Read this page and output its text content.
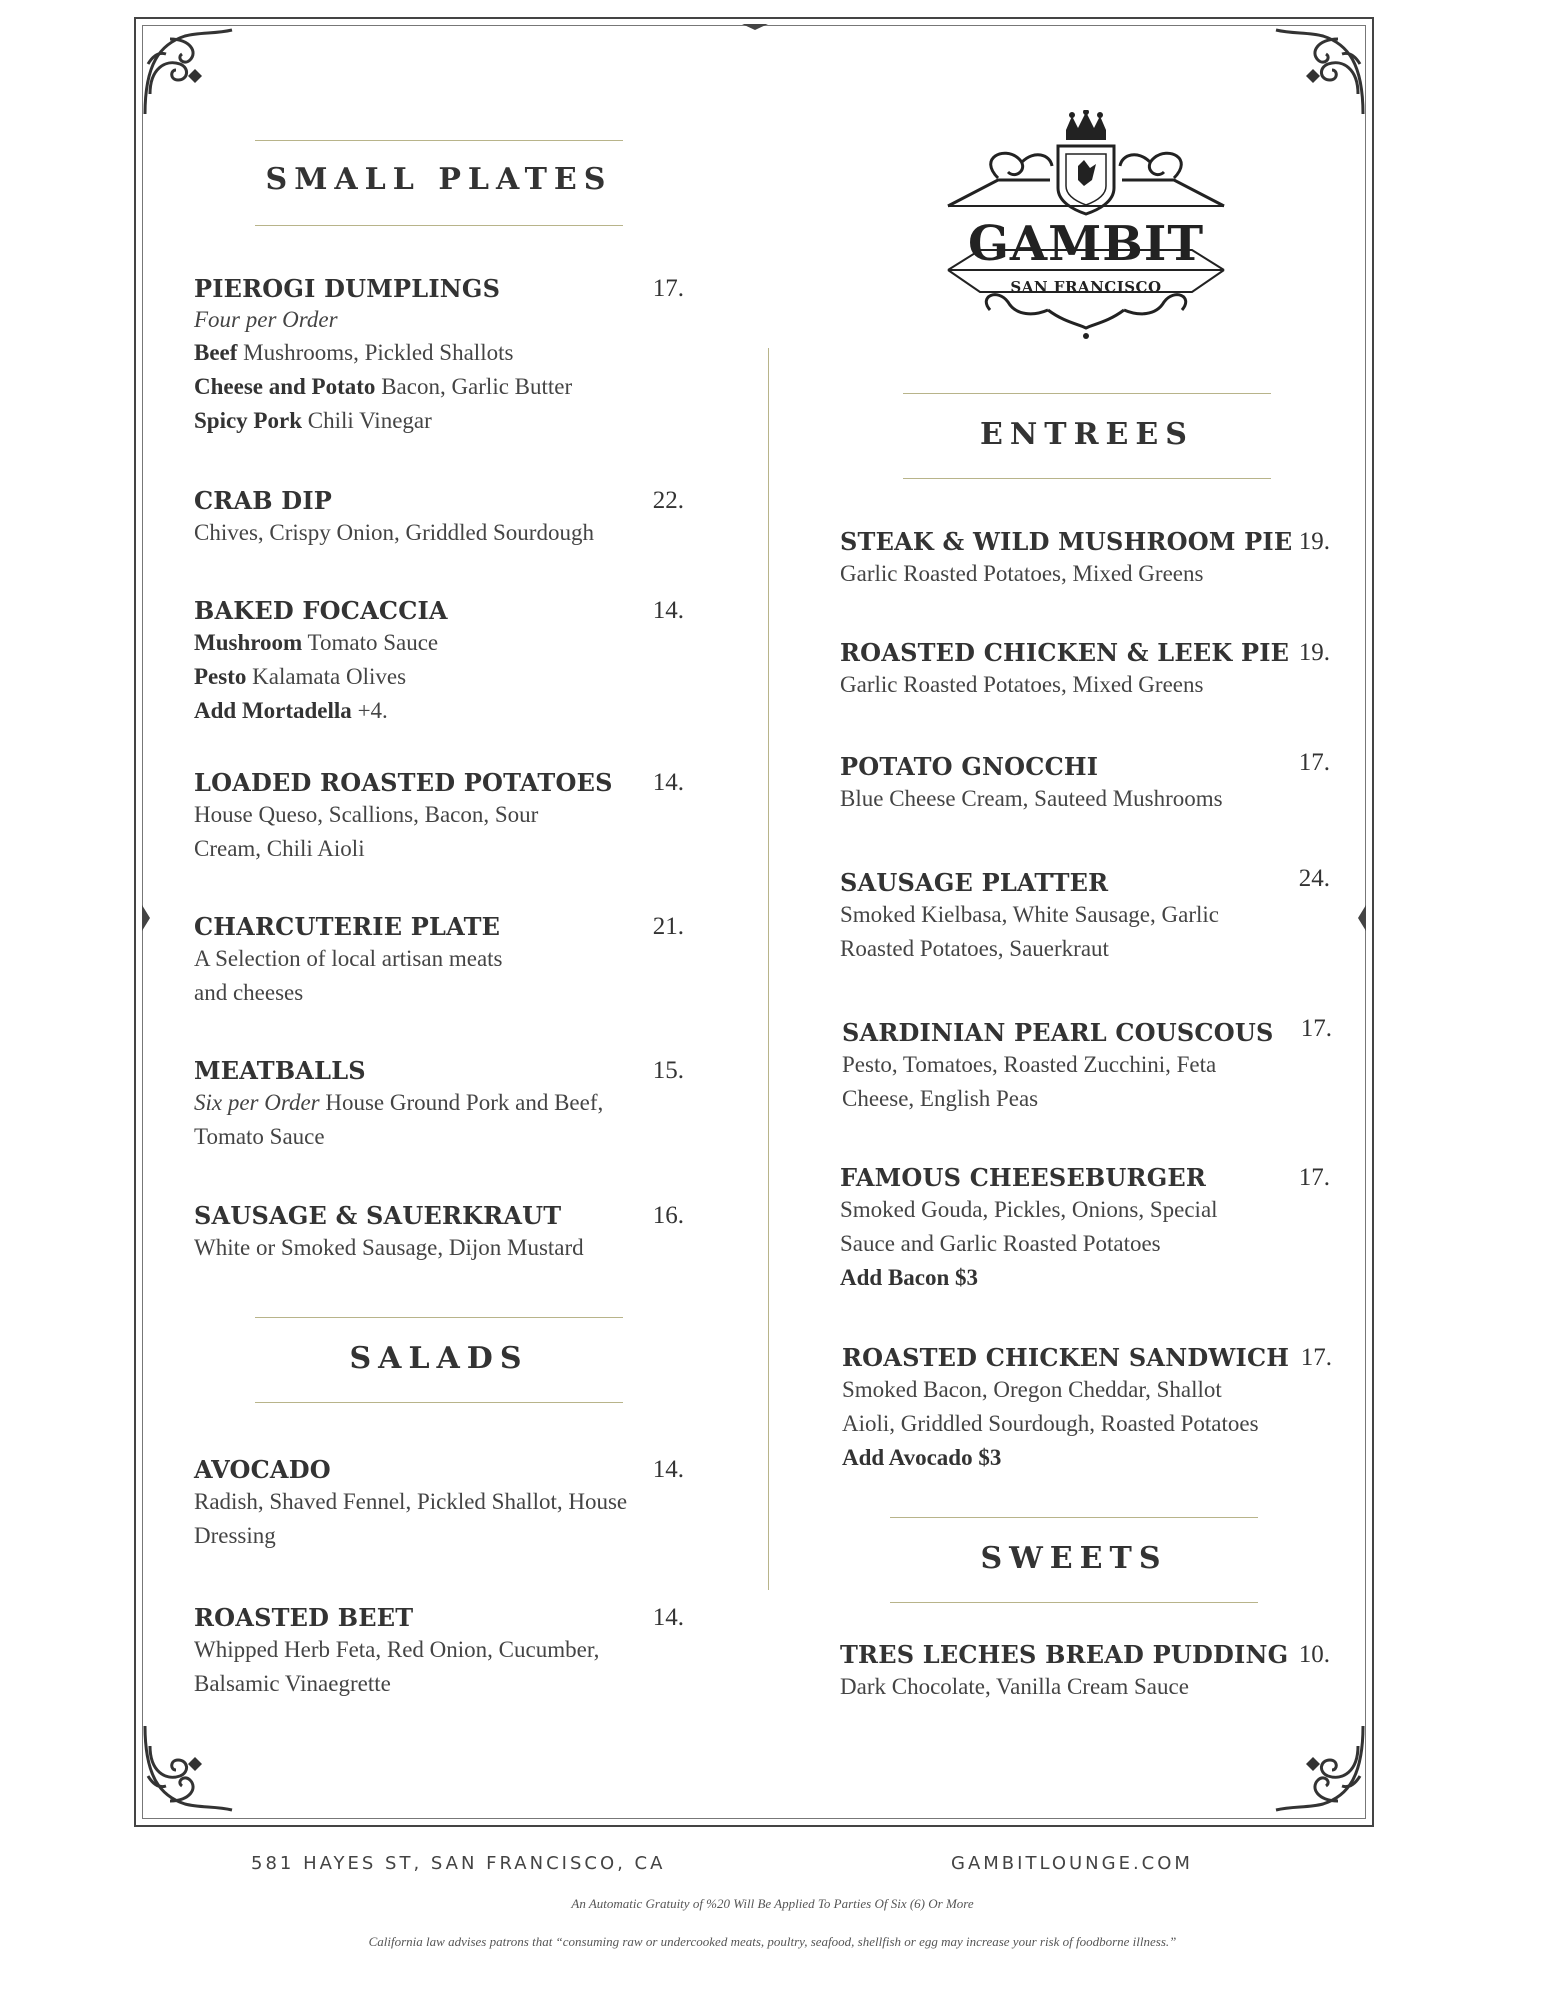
GAMBIT
SAN FRANCISCO
SMALL PLATES
ENTREES
SALADS
SWEETS
PIEROGI DUMPLINGS	17.
Four per Order
Beef Mushrooms, Pickled Shallots
Cheese and Potato Bacon, Garlic Butter
Spicy Pork Chili Vinegar
CRAB DIP	22.
Chives, Crispy Onion, Griddled Sourdough
BAKED FOCACCIA	14.
Mushroom Tomato Sauce
Pesto Kalamata Olives
Add Mortadella +4.
LOADED ROASTED POTATOES	14.
House Queso, Scallions, Bacon, Sour
Cream, Chili Aioli
CHARCUTERIE PLATE	21.
A Selection of local artisan meats
and cheeses
MEATBALLS	15.
Six per Order House Ground Pork and Beef,
Tomato Sauce
SAUSAGE & SAUERKRAUT	16.
White or Smoked Sausage, Dijon Mustard
AVOCADO	14.
Radish, Shaved Fennel, Pickled Shallot, House
Dressing
ROASTED BEET	14.
Whipped Herb Feta, Red Onion, Cucumber,
Balsamic Vinaegrette
STEAK & WILD MUSHROOM PIE 19.
Garlic Roasted Potatoes, Mixed Greens
ROASTED CHICKEN & LEEK PIE 19.
Garlic Roasted Potatoes, Mixed Greens
POTATO GNOCCHI	17.
Blue Cheese Cream, Sauteed Mushrooms
SAUSAGE PLATTER	24.
Smoked Kielbasa, White Sausage, Garlic
Roasted Potatoes, Sauerkraut
SARDINIAN PEARL COUSCOUS	17.
Pesto, Tomatoes, Roasted Zucchini, Feta
Cheese, English Peas
FAMOUS CHEESEBURGER	17.
Smoked Gouda, Pickles, Onions, Special
Sauce and Garlic Roasted Potatoes
Add Bacon $3
ROASTED CHICKEN SANDWICH 17.
Smoked Bacon, Oregon Cheddar, Shallot
Aioli, Griddled Sourdough, Roasted Potatoes
Add Avocado $3
TRES LECHES BREAD PUDDING 10.
Dark Chocolate, Vanilla Cream Sauce
581 HAYES ST, SAN FRANCISCO, CA	GAMBITLOUNGE.COM
An Automatic Gratuity of %20 Will Be Applied To Parties Of Six (6) Or More
California law advises patrons that “consuming raw or undercooked meats, poultry, seafood, shellfish or egg may increase your risk of foodborne illness.”
